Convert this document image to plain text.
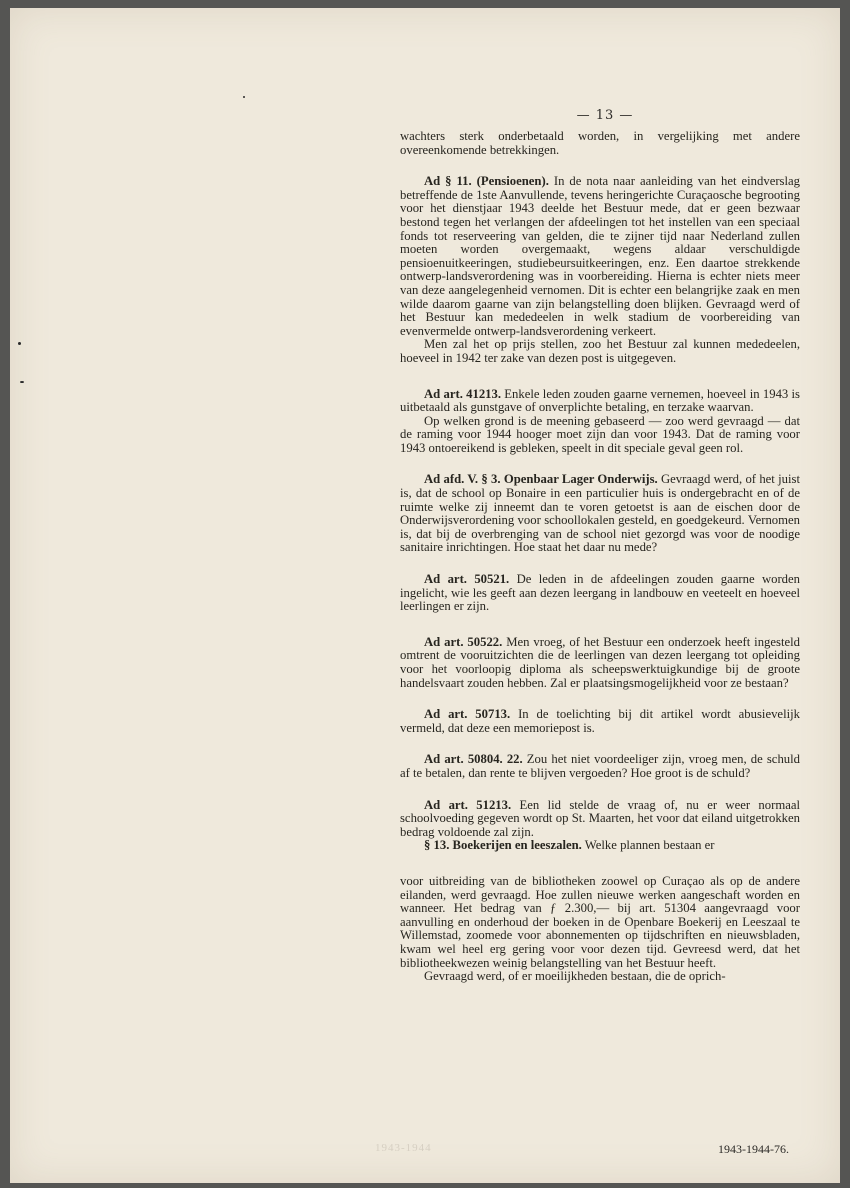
— 13 —

wachters sterk onderbetaald worden, in vergelijking met andere overeenkomende betrekkingen.

Ad § 11. (Pensioenen). In de nota naar aanleiding van het eindverslag betreffende de 1ste Aanvullende, tevens heringerichte Curaçaosche begrooting voor het dienstjaar 1943 deelde het Bestuur mede, dat er geen bezwaar bestond tegen het verlangen der afdeelingen tot het instellen van een speciaal fonds tot reserveering van gelden, die te zijner tijd naar Nederland zullen moeten worden overgemaakt, wegens aldaar verschuldigde pensioenuitkeeringen, studiebeursuitkeeringen, enz. Een daartoe strekkende ontwerp-landsverordening was in voorbereiding. Hierna is echter niets meer van deze aangelegenheid vernomen. Dit is echter een belangrijke zaak en men wilde daarom gaarne van zijn belangstelling doen blijken. Gevraagd werd of het Bestuur kan mededeelen in welk stadium de voorbereiding van evenvermelde ontwerp-landsverordening verkeert.

Men zal het op prijs stellen, zoo het Bestuur zal kunnen mededeelen, hoeveel in 1942 ter zake van dezen post is uitgegeven.

Ad art. 41213. Enkele leden zouden gaarne vernemen, hoeveel in 1943 is uitbetaald als gunstgave of onverplichte betaling, en terzake waarvan.

Op welken grond is de meening gebaseerd — zoo werd gevraagd — dat de raming voor 1944 hooger moet zijn dan voor 1943. Dat de raming voor 1943 ontoereikend is gebleken, speelt in dit speciale geval geen rol.

Ad afd. V. § 3. Openbaar Lager Onderwijs. Gevraagd werd, of het juist is, dat de school op Bonaire in een particulier huis is ondergebracht en of de ruimte welke zij inneemt dan te voren getoetst is aan de eischen door de Onderwijsverordening voor schoollokalen gesteld, en goedgekeurd. Vernomen is, dat bij de overbrenging van de school niet gezorgd was voor de noodige sanitaire inrichtingen. Hoe staat het daar nu mede?

Ad art. 50521. De leden in de afdeelingen zouden gaarne worden ingelicht, wie les geeft aan dezen leergang in landbouw en veeteelt en hoeveel leerlingen er zijn.

Ad art. 50522. Men vroeg, of het Bestuur een onderzoek heeft ingesteld omtrent de vooruitzichten die de leerlingen van dezen leergang tot opleiding voor het voorloopig diploma als scheepswerktuigkundige bij de groote handelsvaart zouden hebben. Zal er plaatsingsmogelijkheid voor ze bestaan?

Ad art. 50713. In de toelichting bij dit artikel wordt abusievelijk vermeld, dat deze een memoriepost is.

Ad art. 50804. 22. Zou het niet voordeeliger zijn, vroeg men, de schuld af te betalen, dan rente te blijven vergoeden? Hoe groot is de schuld?

Ad art. 51213. Een lid stelde de vraag of, nu er weer normaal schoolvoeding gegeven wordt op St. Maarten, het voor dat eiland uitgetrokken bedrag voldoende zal zijn.

§ 13. Boekerijen en leeszalen. Welke plannen bestaan er

voor uitbreiding van de bibliotheken zoowel op Curaçao als op de andere eilanden, werd gevraagd. Hoe zullen nieuwe werken aangeschaft worden en wanneer. Het bedrag van ƒ 2.300,— bij art. 51304 aangevraagd voor aanvulling en onderhoud der boeken in de Openbare Boekerij en Leeszaal te Willemstad, zoomede voor abonnementen op tijdschriften en nieuwsbladen, kwam wel heel erg gering voor voor dezen tijd. Gevreesd werd, dat het bibliotheekwezen weinig belangstelling van het Bestuur heeft.

Gevraagd werd, of er moeilijkheden bestaan, die de oprich-

1943-1944	1943-1944-76.
